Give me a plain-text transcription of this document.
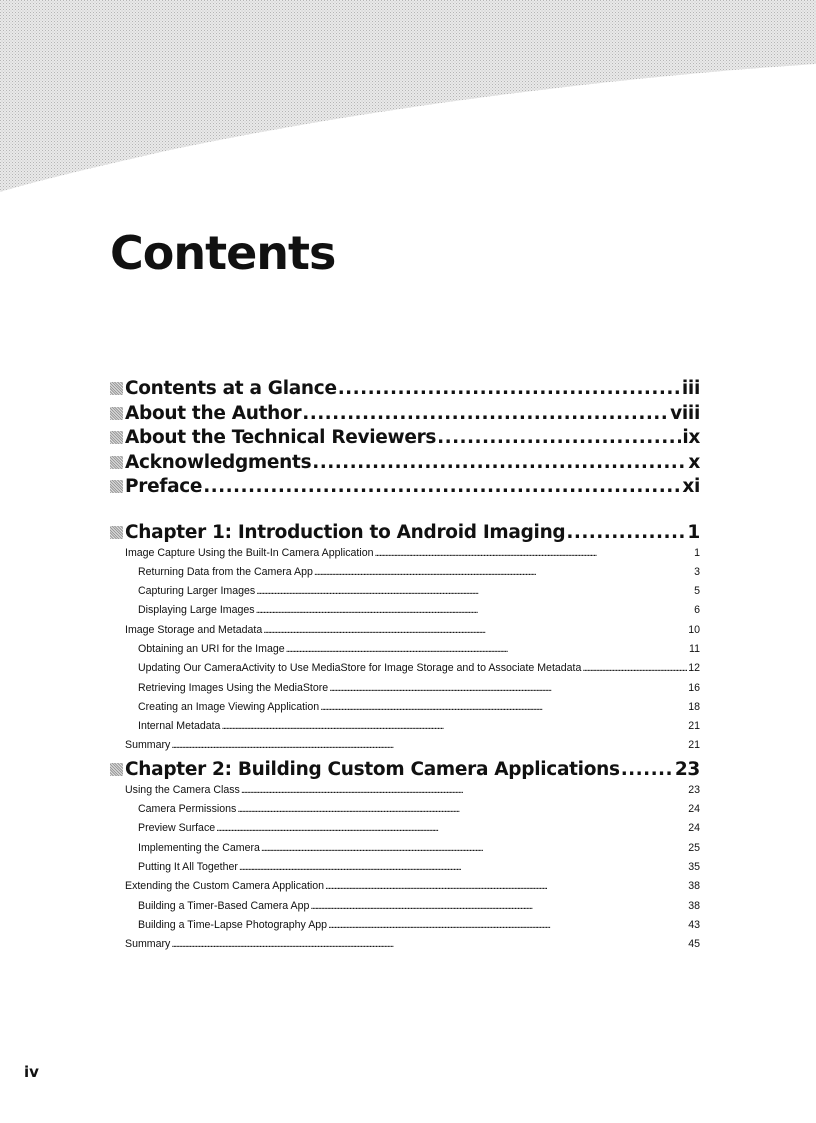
Contents
Contents at a Glance . . .	iii
About the Author . . .	viii
About the Technical Reviewers . . .	ix
Acknowledgments . . .	x
Preface . . .	xi
Chapter 1: Introduction to Android Imaging . . .	1
Image Capture Using the Built-In Camera Application . . .	1
Returning Data from the Camera App . . .	3
Capturing Larger Images . . .	5
Displaying Large Images . . .	6
Image Storage and Metadata . . .	10
Obtaining an URI for the Image . . .	11
Updating Our CameraActivity to Use MediaStore for Image Storage and to Associate Metadata . . .	12
Retrieving Images Using the MediaStore . . .	16
Creating an Image Viewing Application . . .	18
Internal Metadata . . .	21
Summary . . .	21
Chapter 2: Building Custom Camera Applications . . .	23
Using the Camera Class . . .	23
Camera Permissions . . .	24
Preview Surface . . .	24
Implementing the Camera . . .	25
Putting It All Together . . .	35
Extending the Custom Camera Application . . .	38
Building a Timer-Based Camera App . . .	38
Building a Time-Lapse Photography App . . .	43
Summary . . .	45
iv
